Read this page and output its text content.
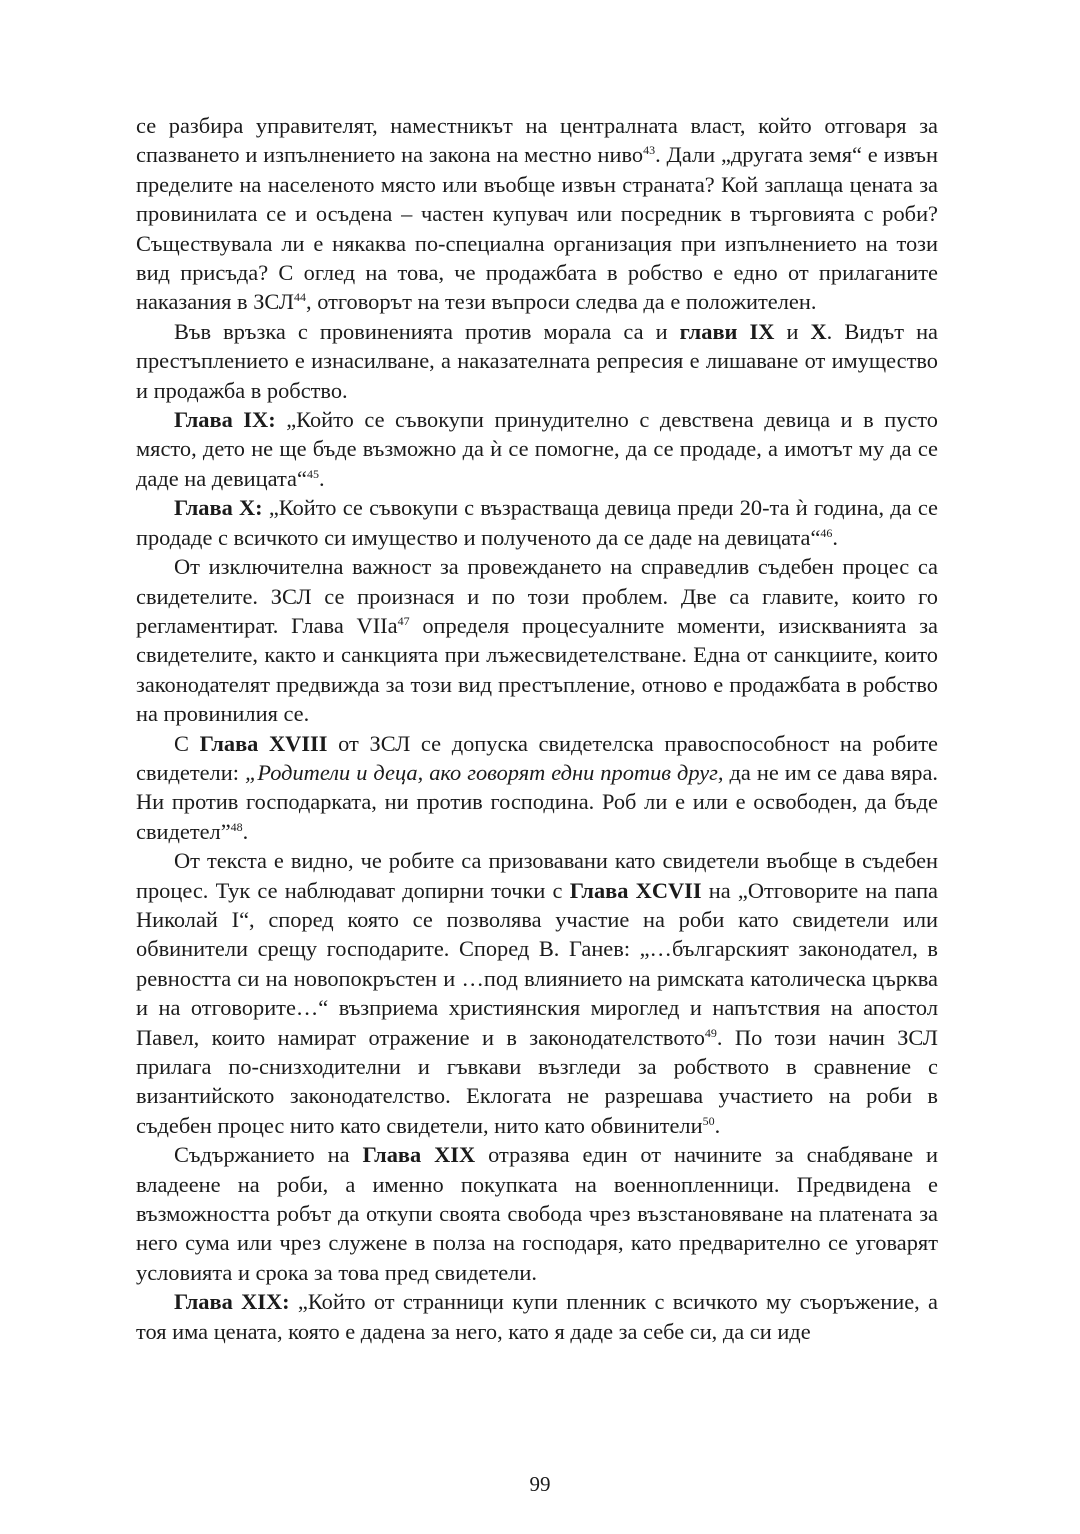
се разбира управителят, наместникът на централната власт, който отговаря за спазването и изпълнението на закона на местно ниво$^{43}$. Дали „другата земя“ е извън пределите на населеното място или въобще извън страната? Кой заплаща цената за провинилата се и осъдена – частен купувач или посредник в търговията с роби? Съществувала ли е някаква по-специална организация при изпълнението на този вид присъда? С оглед на това, че продажбата в робство е едно от прилаганите наказания в ЗСЛ$^{44}$, отговорът на тези въпроси следва да е положителен.

Във връзка с провиненията против морала са и глави IX и X. Видът на престъплението е изнасилване, а наказателната репресия е лишаване от имущество и продажба в робство.

Глава IX: „Който се съвокупи принудително с девствена девица и в пусто място, дето не ще бъде възможно да ѝ се помогне, да се продаде, а имотът му да се даде на девицата“$^{45}$.

Глава X: „Който се съвокупи с възрастваща девица преди 20-та ѝ година, да се продаде с всичкото си имущество и полученото да се даде на девицата“$^{46}$.

От изключителна важност за провеждането на справедлив съдебен процес са свидетелите. ЗСЛ се произнася и по този проблем. Две са главите, които го регламентират. Глава VIIа$^{47}$ определя процесуалните моменти, изискванията за свидетелите, както и санкцията при лъжесвидетелстване. Една от санкциите, които законодателят предвижда за този вид престъпление, отново е продажбата в робство на провинилия се.

С Глава XVIII от ЗСЛ се допуска свидетелска правоспособност на робите свидетели: „Родители и деца, ако говорят едни против друг, да не им се дава вяра. Ни против господарката, ни против господина. Роб ли е или е освободен, да бъде свидетел”$^{48}$.

От текста е видно, че робите са призовавани като свидетели въобще в съдебен процес. Тук се наблюдават допирни точки с Глава XCVII на „Отговорите на папа Николай I“, според която се позволява участие на роби като свидетели или обвинители срещу господарите. Според В. Ганев: „…българският законодател, в ревността си на новопокръстен и …под влиянието на римската католическа църква и на отговорите…“ възприема християнския мироглед и напътствия на апостол Павел, които намират отражение и в законодателството$^{49}$. По този начин ЗСЛ прилага по-снизходителни и гъвкави възгледи за робството в сравнение с византийското законодателство. Еклогата не разрешава участието на роби в съдебен процес нито като свидетели, нито като обвинители$^{50}$.

Съдържанието на Глава XIX отразява един от начините за снабдяване и владеене на роби, а именно покупката на военнопленници. Предвидена е възможността робът да откупи своята свобода чрез възстановяване на платената за него сума или чрез служене в полза на господаря, като предварително се уговарят условията и срока за това пред свидетели.

Глава XIX: „Който от странници купи пленник с всичкото му съоръжение, а тоя има цената, която е дадена за него, като я даде за себе си, да си иде

99
